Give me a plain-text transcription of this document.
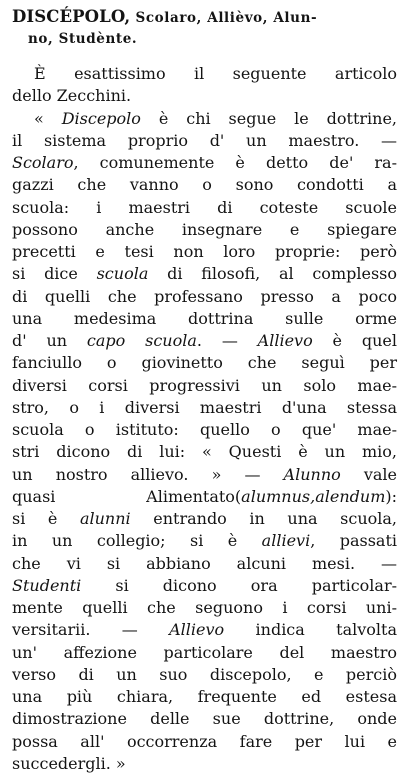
DISCÉPOLO, Scolaro, Allièvo, Alun-
no, Studènte.

È esattissimo il seguente articolo
dello Zecchini.
« Discepolo è chi segue le dottrine,
il sistema proprio d' un maestro. —
Scolaro, comunemente è detto de' ra-
gazzi che vanno o sono condotti a
scuola: i maestri di coteste scuole
possono anche insegnare e spiegare
precetti e tesi non loro proprie: però
si dice scuola di filosofi, al complesso
di quelli che professano presso a poco
una medesima dottrina sulle orme
d' un capo scuola. — Allievo è quel
fanciullo o giovinetto che seguì per
diversi corsi progressivi un solo mae-
stro, o i diversi maestri d'una stessa
scuola o istituto: quello o que' mae-
stri dicono di lui: « Questi è un mio,
un nostro allievo. » — Alunno vale
quasi Alimentato(alumnus,alendum):
si è alunni entrando in una scuola,
in un collegio; si è allievi, passati
che vi si abbiano alcuni mesi. —
Studenti si dicono ora particolar-
mente quelli che seguono i corsi uni-
versitarii. — Allievo indica talvolta
un' affezione particolare del maestro
verso di un suo discepolo, e perciò
una più chiara, frequente ed estesa
dimostrazione delle sue dottrine, onde
possa all' occorrenza fare per lui e
succedergli. »
